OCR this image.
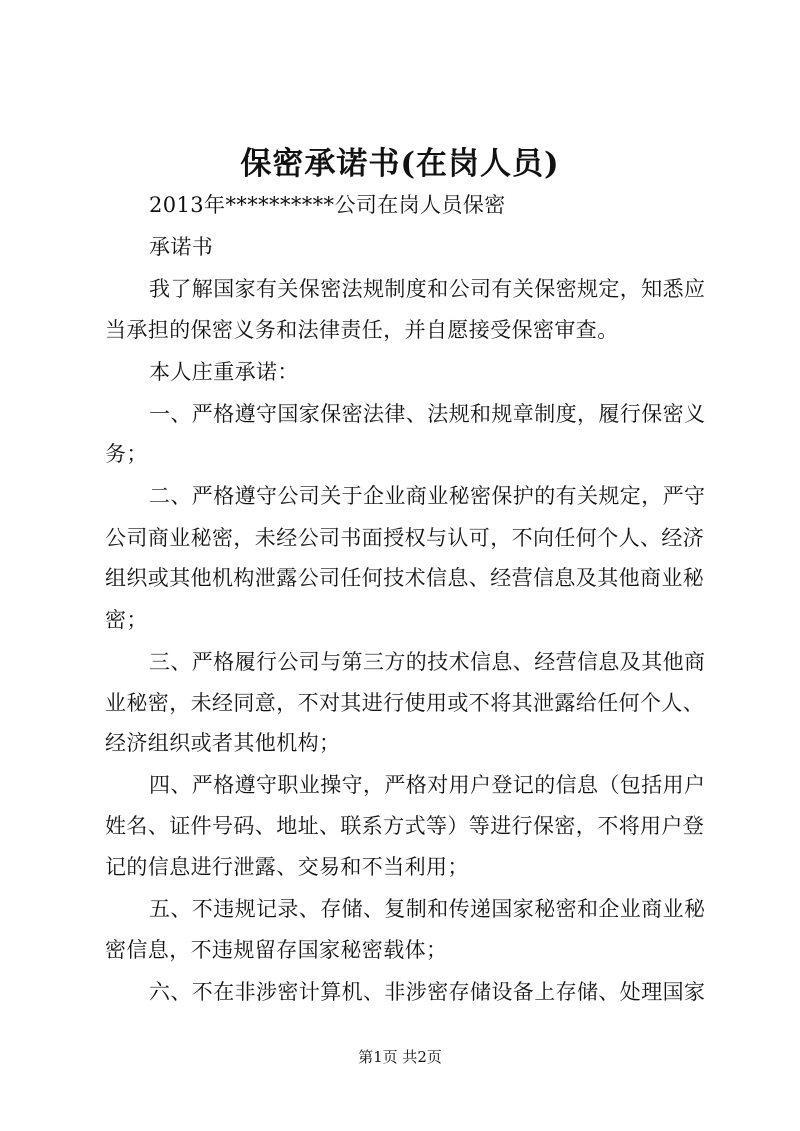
保密承诺书(在岗人员)
2013年**********公司在岗人员保密
承诺书
我了解国家有关保密法规制度和公司有关保密规定，知悉应
当承担的保密义务和法律责任，并自愿接受保密审查。
本人庄重承诺：
一、严格遵守国家保密法律、法规和规章制度，履行保密义
务；
二、严格遵守公司关于企业商业秘密保护的有关规定，严守
公司商业秘密，未经公司书面授权与认可，不向任何个人、经济
组织或其他机构泄露公司任何技术信息、经营信息及其他商业秘
密；
三、严格履行公司与第三方的技术信息、经营信息及其他商
业秘密，未经同意，不对其进行使用或不将其泄露给任何个人、
经济组织或者其他机构；
四、严格遵守职业操守，严格对用户登记的信息（包括用户
姓名、证件号码、地址、联系方式等）等进行保密，不将用户登
记的信息进行泄露、交易和不当利用；
五、不违规记录、存储、复制和传递国家秘密和企业商业秘
密信息，不违规留存国家秘密载体；
六、不在非涉密计算机、非涉密存储设备上存储、处理国家
第1页 共2页
